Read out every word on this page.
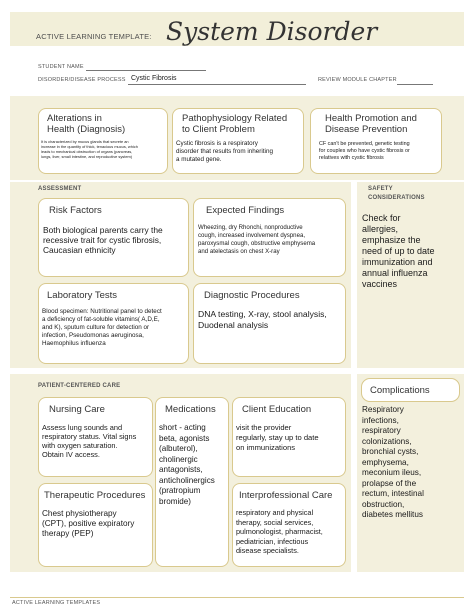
ACTIVE LEARNING TEMPLATE: System Disorder
STUDENT NAME
DISORDER/DISEASE PROCESS Cystic Fibrosis	REVIEW MODULE CHAPTER
Alterations in
Health (Diagnosis)
It is characterized by mucus glands that secrete an
increase in the quantity of thick, tenacious mucus, which
leads to mechanical obstruction of organs (pancreas,
lungs, liver, small intestine, and reproductive system)
Pathophysiology Related
to Client Problem
Cystic fibrosis is a respiratory
disorder that results from inheriting
a mutated gene.
Health Promotion and
Disease Prevention
CF can't be prevented, genetic testing
for couples who have cystic fibrosis or
relatives with cystic fibrosis
ASSESSMENT
Risk Factors
Both biological parents carry the
recessive trait for cystic fibrosis,
Caucasian ethnicity
Expected Findings
Wheezing, dry Rhonchi, nonproductive
cough, increased involvement dyspnea,
paroxysmal cough, obstructive emphysema
and atelectasis on chest X-ray
Laboratory Tests
Blood specimen: Nutritional panel to detect
a deficiency of fat-soluble vitamins( A,D,E,
and K), sputum culture for detection or
infection, Pseudomonas aeruginosa,
Haemophilus influenza
Diagnostic Procedures
DNA testing, X-ray, stool analysis,
Duodenal analysis
SAFETY
CONSIDERATIONS
Check for
allergies,
emphasize the
need of up to date
immunization and
annual influenza
vaccines
PATIENT-CENTERED CARE
Nursing Care
Assess lung sounds and
respiratory status. Vital signs
with oxygen saturation.
Obtain IV access.
Medications
short - acting
beta, agonists
(albuterol),
cholinergic
antagonists,
anticholinergics
(pratropium
bromide)
Client Education
visit the provider
regularly, stay up to date
on immunizations
Therapeutic Procedures
Chest physiotherapy
(CPT), positive expiratory
therapy (PEP)
Interprofessional Care
respiratory and physical
therapy, social services,
pulmonologist, pharmacist,
pediatrician, infectious
disease specialists.
Complications
Respiratory
infections,
respiratory
colonizations,
bronchial cysts,
emphysema,
meconium ileus,
prolapse of the
rectum, intestinal
obstruction,
diabetes mellitus
ACTIVE LEARNING TEMPLATES
